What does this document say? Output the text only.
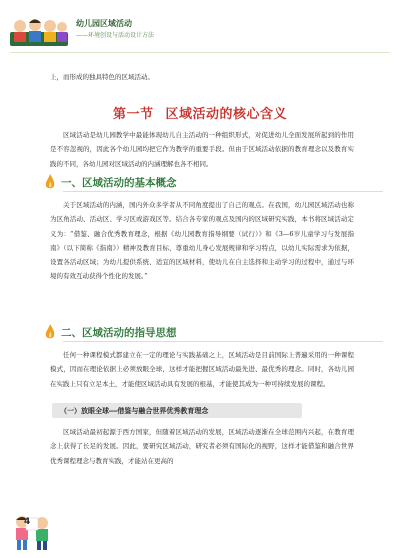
幼儿园区域活动
——环境创设与活动设计方法

上，而形成的独具特色的区域活动。

第一节 区域活动的核心含义

区域活动是幼儿园教学中最能体现幼儿自主活动的一种组织形式，对促进幼儿全面发展所起到的作用是不容忽视的，因此各个幼儿园均把它作为教学的重要手段。但由于区域活动依据的教育理念以及教育实践的不同，各幼儿园对区域活动的内涵理解也各不相同。

一、区域活动的基本概念

关于区域活动的内涵，国内外众多学者从不同角度提出了自己的观点。在我国，幼儿园区域活动也称为区角活动、活动区、学习区或游戏区等。结合各专家的观点及国内的区域研究实践，本书将区域活动定义为：“借鉴、融合优秀教育理念，根据《幼儿园教育指导纲要（试行）》和《3—6岁儿童学习与发展指南》（以下简称《指南》）精神及教育目标，尊重幼儿身心发展规律和学习特点，以幼儿实际需求为依据，设置各活动区域；为幼儿提供系统、适宜的区域材料，使幼儿在自主选择和主动学习的过程中，通过与环境的有效互动获得个性化的发展。”

二、区域活动的指导思想

任何一种课程模式都建立在一定的理论与实践基础之上，区域活动是目前国际上普遍采用的一种课程模式，因而在理论依据上必须放眼全球，这样才能把握区域活动最先进、最优秀的理念。同时，各幼儿园在实践上只有立足本土，才能使区域活动具有发展的根基，才能使其成为一种可持续发展的课程。

（一）放眼全球——借鉴与融合世界优秀教育理念

区域活动最初起源于西方国家，但随着区域活动的发展，区域活动逐渐在全球范围内兴起，在教育理念上获得了长足的发展。因此，要研究区域活动，研究者必须有国际化的视野，这样才能借鉴和融合世界优秀课程理念与教育实践，才能站在更高的

4
